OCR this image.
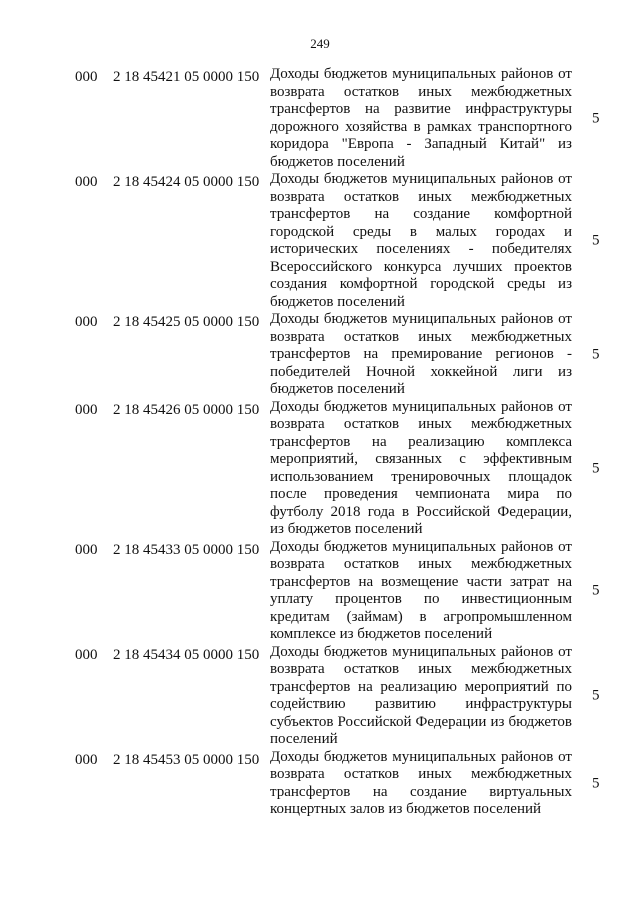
249
000 2 18 45421 05 0000 150 Доходы бюджетов муниципальных районов от возврата остатков иных межбюджетных трансфертов на развитие инфраструктуры дорожного хозяйства в рамках транспортного коридора "Европа - Западный Китай" из бюджетов поселений
5
000 2 18 45424 05 0000 150 Доходы бюджетов муниципальных районов от возврата остатков иных межбюджетных трансфертов на создание комфортной городской среды в малых городах и исторических поселениях - победителях Всероссийского конкурса лучших проектов создания комфортной городской среды из бюджетов поселений
5
000 2 18 45425 05 0000 150 Доходы бюджетов муниципальных районов от возврата остатков иных межбюджетных трансфертов на премирование регионов - победителей Ночной хоккейной лиги из бюджетов поселений
5
000 2 18 45426 05 0000 150 Доходы бюджетов муниципальных районов от возврата остатков иных межбюджетных трансфертов на реализацию комплекса мероприятий, связанных с эффективным использованием тренировочных площадок после проведения чемпионата мира по футболу 2018 года в Российской Федерации, из бюджетов поселений
5
000 2 18 45433 05 0000 150 Доходы бюджетов муниципальных районов от возврата остатков иных межбюджетных трансфертов на возмещение части затрат на уплату процентов по инвестиционным кредитам (займам) в агропромышленном комплексе из бюджетов поселений
5
000 2 18 45434 05 0000 150 Доходы бюджетов муниципальных районов от возврата остатков иных межбюджетных трансфертов на реализацию мероприятий по содействию развитию инфраструктуры субъектов Российской Федерации из бюджетов поселений
5
000 2 18 45453 05 0000 150 Доходы бюджетов муниципальных районов от возврата остатков иных межбюджетных трансфертов на создание виртуальных концертных залов из бюджетов поселений
5
